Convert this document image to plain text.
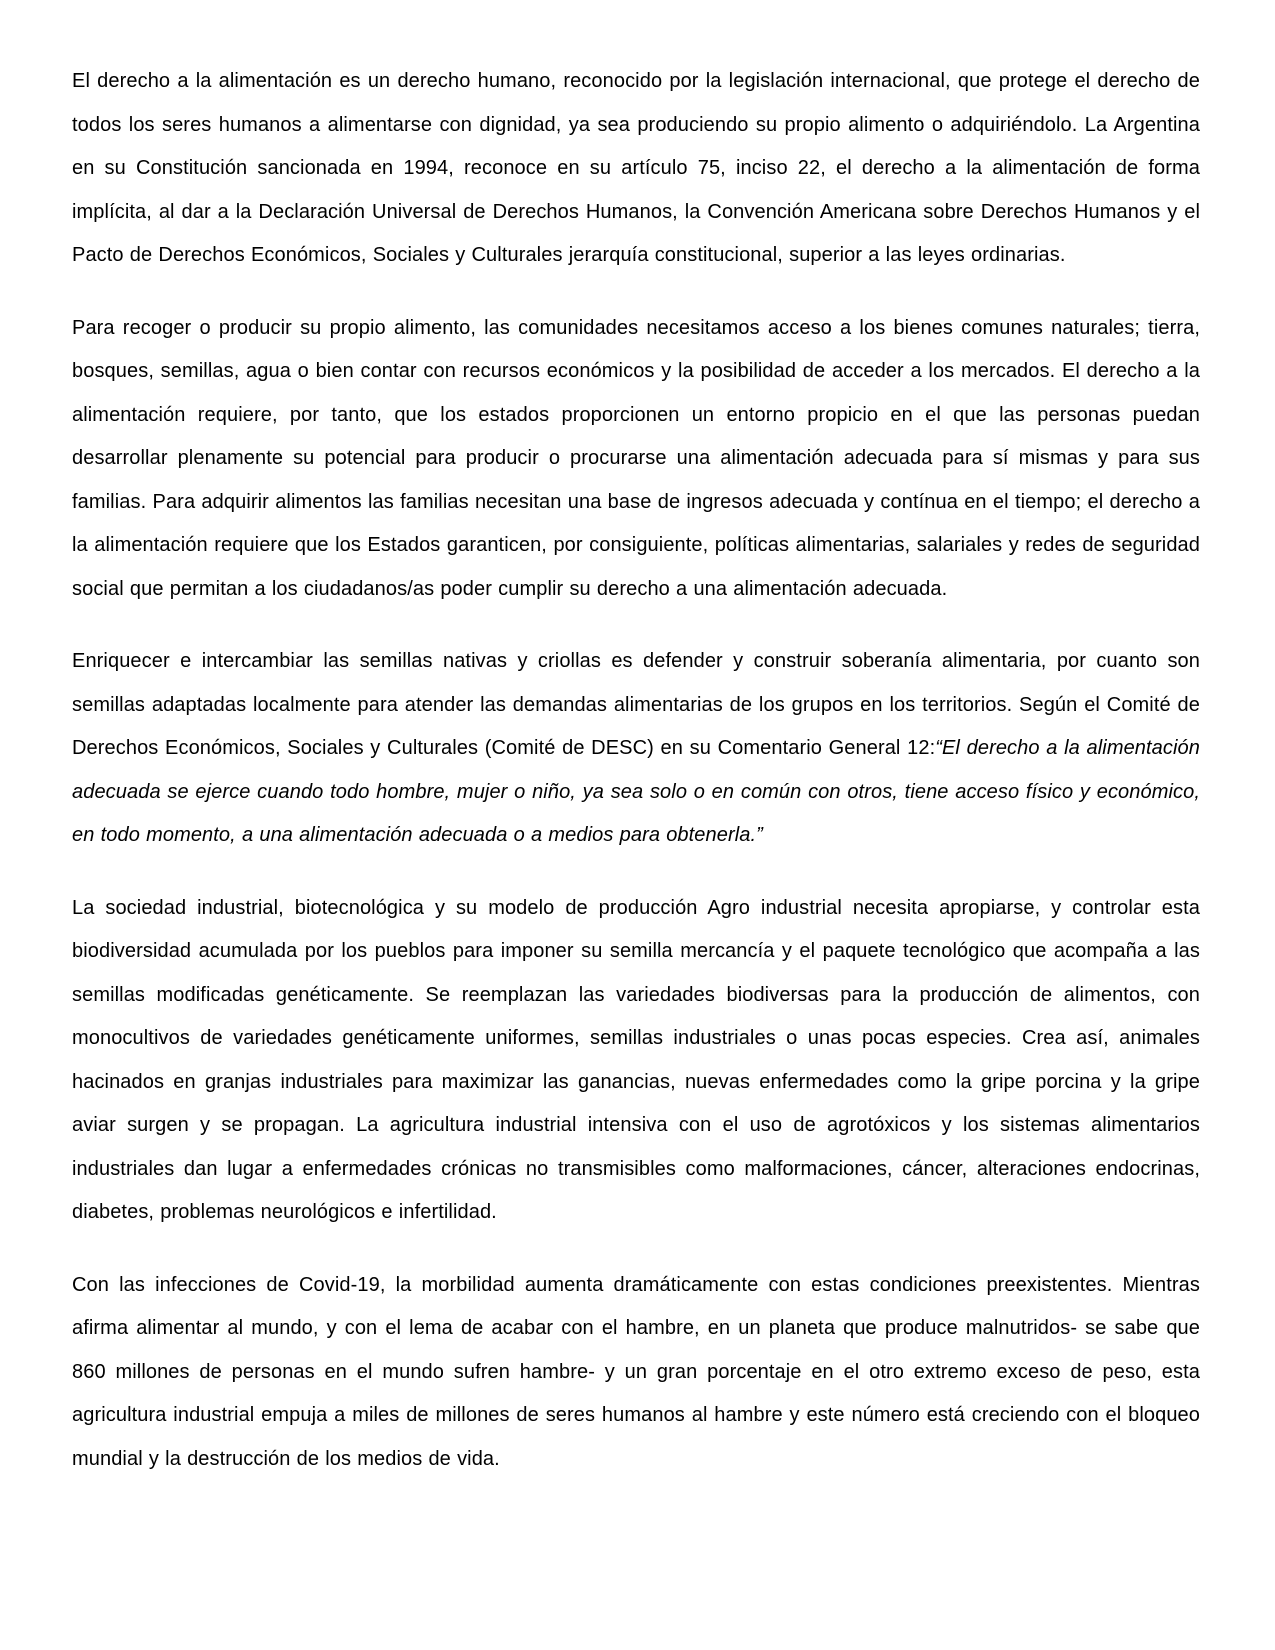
El derecho a la alimentación es un derecho humano, reconocido por la legislación internacional, que protege el derecho de todos los seres humanos a alimentarse con dignidad, ya sea produciendo su propio alimento o adquiriéndolo. La Argentina en su Constitución sancionada en 1994, reconoce en su artículo 75, inciso 22, el derecho a la alimentación de forma implícita, al dar a la Declaración Universal de Derechos Humanos, la Convención Americana sobre Derechos Humanos y el Pacto de Derechos Económicos, Sociales y Culturales jerarquía constitucional, superior a las leyes ordinarias.

Para recoger o producir su propio alimento, las comunidades necesitamos acceso a los bienes comunes naturales; tierra, bosques, semillas, agua o bien contar con recursos económicos y la posibilidad de acceder a los mercados. El derecho a la alimentación requiere, por tanto, que los estados proporcionen un entorno propicio en el que las personas puedan desarrollar plenamente su potencial para producir o procurarse una alimentación adecuada para sí mismas y para sus familias. Para adquirir alimentos las familias necesitan una base de ingresos adecuada y contínua en el tiempo; el derecho a la alimentación requiere que los Estados garanticen, por consiguiente, políticas alimentarias, salariales y redes de seguridad social que permitan a los ciudadanos/as poder cumplir su derecho a una alimentación adecuada.

Enriquecer e intercambiar las semillas nativas y criollas es defender y construir soberanía alimentaria, por cuanto son semillas adaptadas localmente para atender las demandas alimentarias de los grupos en los territorios. Según el Comité de Derechos Económicos, Sociales y Culturales (Comité de DESC) en su Comentario General 12:“El derecho a la alimentación adecuada se ejerce cuando todo hombre, mujer o niño, ya sea solo o en común con otros, tiene acceso físico y económico, en todo momento, a una alimentación adecuada o a medios para obtenerla.”

La sociedad industrial, biotecnológica y su modelo de producción Agro industrial necesita apropiarse, y controlar esta biodiversidad acumulada por los pueblos para imponer su semilla mercancía y el paquete tecnológico que acompaña a las semillas modificadas genéticamente. Se reemplazan las variedades biodiversas para la producción de alimentos, con monocultivos de variedades genéticamente uniformes, semillas industriales o unas pocas especies. Crea así, animales hacinados en granjas industriales para maximizar las ganancias, nuevas enfermedades como la gripe porcina y la gripe aviar surgen y se propagan. La agricultura industrial intensiva con el uso de agrotóxicos y los sistemas alimentarios industriales dan lugar a enfermedades crónicas no transmisibles como malformaciones, cáncer, alteraciones endocrinas, diabetes, problemas neurológicos e infertilidad.

Con las infecciones de Covid-19, la morbilidad aumenta dramáticamente con estas condiciones preexistentes. Mientras afirma alimentar al mundo, y con el lema de acabar con el hambre, en un planeta que produce malnutridos- se sabe que 860 millones de personas en el mundo sufren hambre- y un gran porcentaje en el otro extremo exceso de peso, esta agricultura industrial empuja a miles de millones de seres humanos al hambre y este número está creciendo con el bloqueo mundial y la destrucción de los medios de vida.
